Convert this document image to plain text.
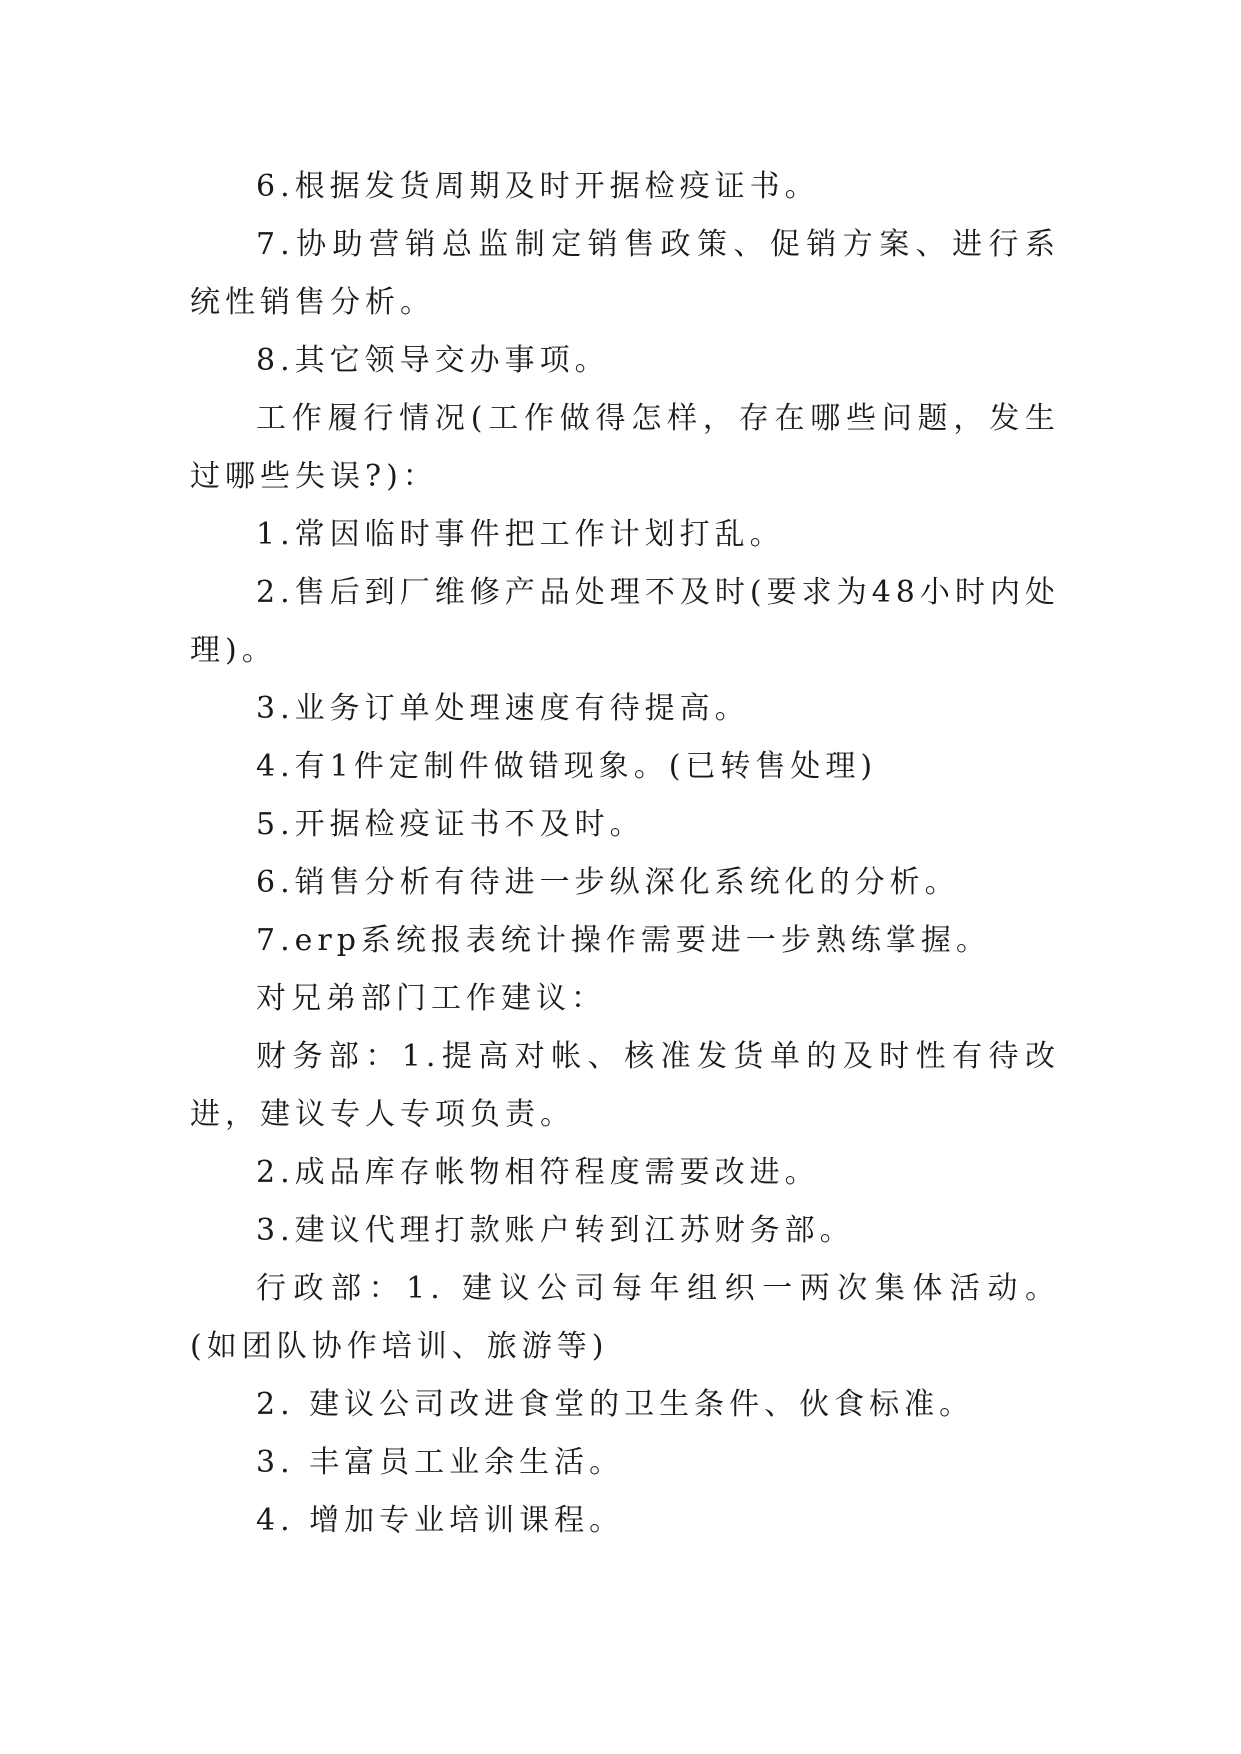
6.根据发货周期及时开据检疫证书。

7.协助营销总监制定销售政策、促销方案、进行系统性销售分析。

8.其它领导交办事项。

工作履行情况(工作做得怎样，存在哪些问题，发生过哪些失误?)：

1.常因临时事件把工作计划打乱。

2.售后到厂维修产品处理不及时(要求为48小时内处理)。

3.业务订单处理速度有待提高。

4.有1件定制件做错现象。(已转售处理)

5.开据检疫证书不及时。

6.销售分析有待进一步纵深化系统化的分析。

7.erp系统报表统计操作需要进一步熟练掌握。

对兄弟部门工作建议：

财务部：1.提高对帐、核准发货单的及时性有待改进，建议专人专项负责。

2.成品库存帐物相符程度需要改进。

3.建议代理打款账户转到江苏财务部。

行政部：1. 建议公司每年组织一两次集体活动。(如团队协作培训、旅游等)

2. 建议公司改进食堂的卫生条件、伙食标准。

3. 丰富员工业余生活。

4. 增加专业培训课程。
